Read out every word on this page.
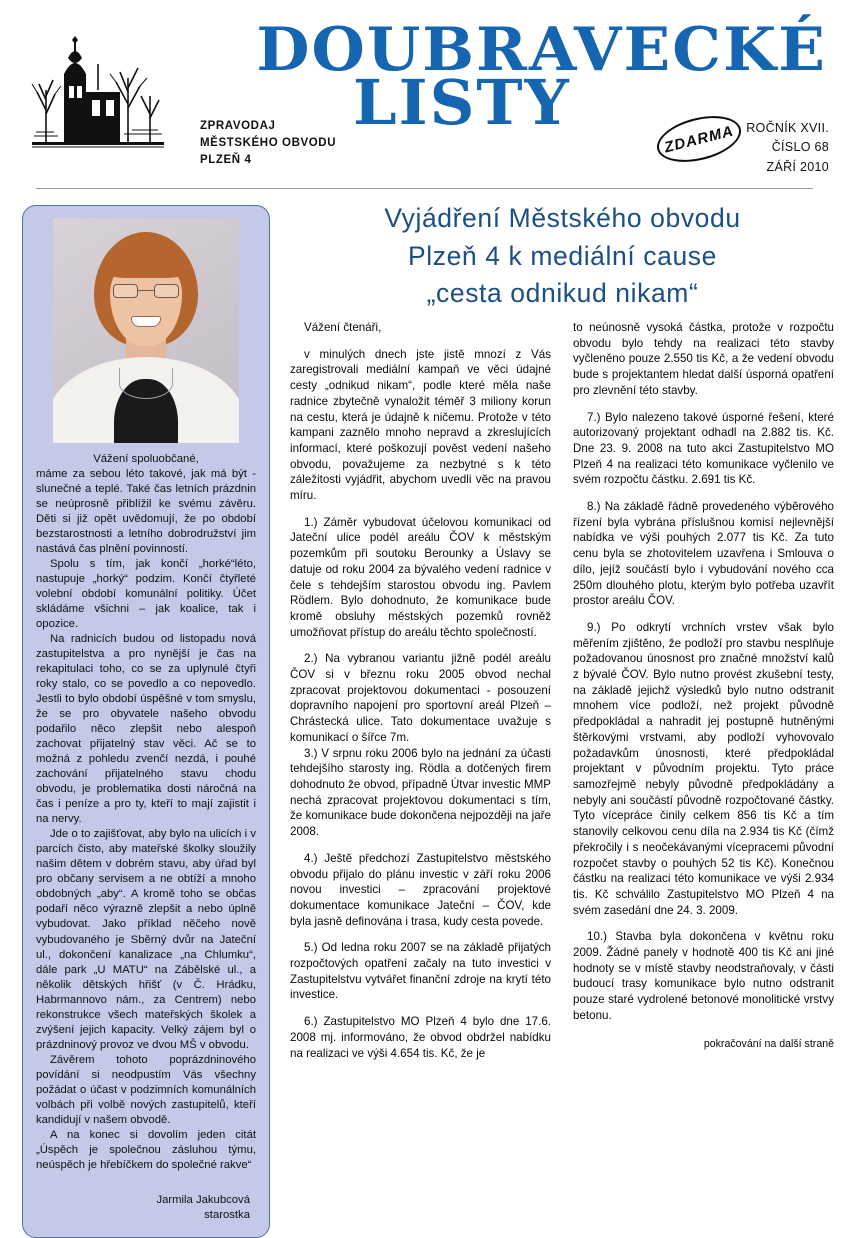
DOUBRAVECKÉ
LISTY
ZPRAVODAJ
MĚSTSKÉHO OBVODU
PLZEŇ 4
ZDARMA ROČNÍK XVII.
ČÍSLO 68
ZÁŘÍ 2010
Vyjádření Městského obvodu
Plzeň 4 k mediální cause
„cesta odnikud nikam“

Vážení spoluobčané,

máme za sebou léto takové, jak má být - slunečné a teplé. Také čas letních prázdnin se neúprosně přiblížil ke svému závěru. Děti si již opět uvědomují, že po období bezstarostnosti a letního dobrodružství jim nastává čas plnění povinností.

Spolu s tím, jak končí „horké“léto, nastupuje „horký“ podzim. Končí čtyřleté volební období komunální politiky. Účet skládáme všichni – jak koalice, tak i opozice.

Na radnicích budou od listopadu nová zastupitelstva a pro nynější je čas na rekapitulaci toho, co se za uplynulé čtyři roky stalo, co se povedlo a co nepovedlo. Jestli to bylo období úspěšné v tom smyslu, že se pro obyvatele našeho obvodu podařilo něco zlepšit nebo alespoň zachovat přijatelný stav věci. Ač se to možná z pohledu zvenčí nezdá, i pouhé zachování přijatelného stavu chodu obvodu, je problematika dosti náročná na čas i peníze a pro ty, kteří to mají zajistit i na nervy.

Jde o to zajišťovat, aby bylo na ulicích i v parcích čisto, aby mateřské školky sloužily našim dětem v dobrém stavu, aby úřad byl pro občany servisem a ne obtíží a mnoho obdobných „aby“. A kromě toho se občas podaří něco výrazně zlepšit a nebo úplně vybudovat. Jako příklad něčeho nově vybudovaného je Sběrný dvůr na Jateční ul., dokončení kanalizace „na Chlumku“, dále park „U MATU“ na Zábělské ul., a několik dětských hřišť (v Č. Hrádku, Habrmannovo nám., za Centrem) nebo rekonstrukce všech mateřských školek a zvýšení jejich kapacity. Velký zájem byl o prázdninový provoz ve dvou MŠ v obvodu.

Závěrem tohoto poprázdninového povídání si neodpustím Vás všechny požádat o účast v podzimních komunálních volbách při volbě nových zastupitelů, kteří kandidují v našem obvodě.

A na konec si dovolím jeden citát „Úspěch je společnou zásluhou týmu, neúspěch je hřebíčkem do společné rakve“

Jarmila Jakubcová
starostka

Vážení čtenáři,

v minulých dnech jste jistě mnozí z Vás zaregistrovali mediální kampaň ve věci údajné cesty „odnikud nikam“, podle které měla naše radnice zbytečně vynaložit téměř 3 miliony korun na cestu, která je údajně k ničemu. Protože v této kampani zaznělo mnoho nepravd a zkreslujících informací, které poškozují pověst vedení našeho obvodu, považujeme za nezbytné s k této záležitosti vyjádřit, abychom uvedli věc na pravou míru.

1.) Záměr vybudovat účelovou komunikaci od Jateční ulice podél areálu ČOV k městským pozemkům při soutoku Berounky a Úslavy se datuje od roku 2004 za bývalého vedení radnice v čele s tehdejším starostou obvodu ing. Pavlem Rödlem. Bylo dohodnuto, že komunikace bude kromě obsluhy městských pozemků rovněž umožňovat přístup do areálu těchto společností.

2.) Na vybranou variantu jižně podél areálu ČOV si v březnu roku 2005 obvod nechal zpracovat projektovou dokumentaci - posouzení dopravního napojení pro sportovní areál Plzeň – Chrástecká ulice. Tato dokumentace uvažuje s komunikací o šířce 7m.

3.) V srpnu roku 2006 bylo na jednání za účasti tehdejšího starosty ing. Rödla a dotčených firem dohodnuto že obvod, případně Útvar investic MMP nechá zpracovat projektovou dokumentaci s tím, že komunikace bude dokončena nejpozději na jaře 2008.

4.) Ještě předchozí Zastupitelstvo městského obvodu přijalo do plánu investic v září roku 2006 novou investici – zpracování projektové dokumentace komunikace Jateční – ČOV, kde byla jasně definována i trasa, kudy cesta povede.

5.) Od ledna roku 2007 se na základě přijatých rozpočtových opatření začaly na tuto investici v Zastupitelstvu vytvářet finanční zdroje na krytí této investice.

6.) Zastupitelstvo MO Plzeň 4 bylo dne 17.6. 2008 mj. informováno, že obvod obdržel nabídku na realizaci ve výši 4.654 tis. Kč, že je

to neúnosně vysoká částka, protože v rozpočtu obvodu bylo tehdy na realizaci této stavby vyčleněno pouze 2.550 tis Kč, a že vedení obvodu bude s projektantem hledat další úsporná opatření pro zlevnění této stavby.

7.) Bylo nalezeno takové úsporné řešení, které autorizovaný projektant odhadl na 2.882 tis. Kč. Dne 23. 9. 2008 na tuto akci Zastupitelstvo MO Plzeň 4 na realizaci této komunikace vyčlenilo ve svém rozpočtu částku. 2.691 tis Kč.

8.) Na základě řádně provedeného výběrového řízení byla vybrána příslušnou komisí nejlevnější nabídka ve výši pouhých 2.077 tis Kč. Za tuto cenu byla se zhotovitelem uzavřena i Smlouva o dílo, jejíž součástí bylo i vybudování nového cca 250m dlouhého plotu, kterým bylo potřeba uzavřít prostor areálu ČOV.

9.) Po odkrytí vrchních vrstev však bylo měřením zjištěno, že podloží pro stavbu nesplňuje požadovanou únosnost pro značné množství kalů z bývalé ČOV. Bylo nutno provést zkušební testy, na základě jejichž výsledků bylo nutno odstranit mnohem více podloží, než projekt původně předpokládal a nahradit jej postupně hutněnými štěrkovými vrstvami, aby podloží vyhovovalo požadavkům únosnosti, které předpokládal projektant v původním projektu. Tyto práce samozřejmě nebyly původně předpokládány a nebyly ani součástí původně rozpočtované částky. Tyto vícepráce činily celkem 856 tis Kč a tím stanovily celkovou cenu díla na 2.934 tis Kč (čímž překročily i s neočekávanými vícepracemi původní rozpočet stavby o pouhých 52 tis Kč). Konečnou částku na realizaci této komunikace ve výši 2.934 tis. Kč schválilo Zastupitelstvo MO Plzeň 4 na svém zasedání dne 24. 3. 2009.

10.) Stavba byla dokončena v květnu roku 2009. Žádné panely v hodnotě 400 tis Kč ani jiné hodnoty se v místě stavby neodstraňovaly, v části budoucí trasy komunikace bylo nutno odstranit pouze staré vydrolené betonové monolitické vrstvy betonu.

pokračování na další straně
